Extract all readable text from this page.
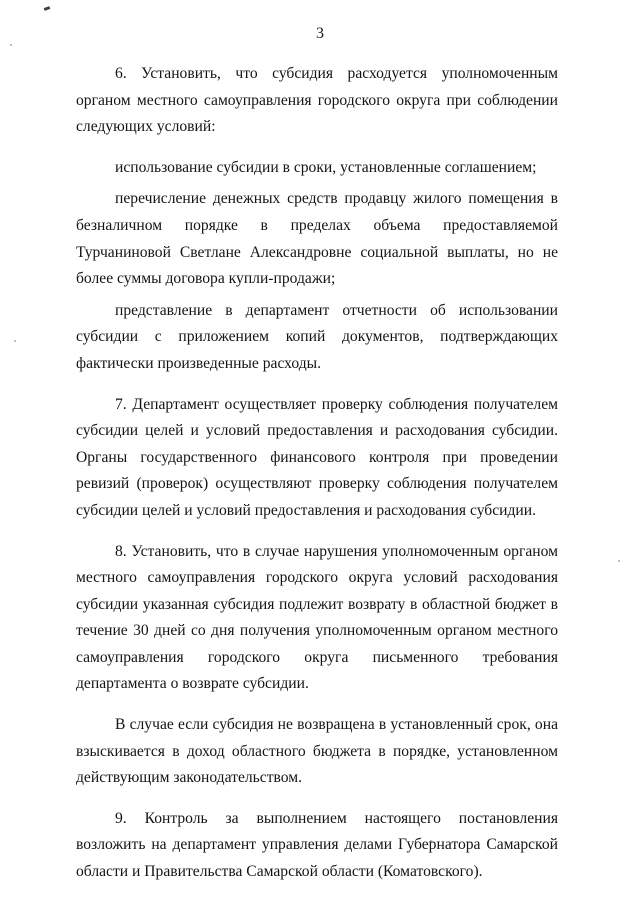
3

6. Установить, что субсидия расходуется уполномоченным органом местного самоуправления городского округа при соблюдении следующих условий:

использование субсидии в сроки, установленные соглашением;

перечисление денежных средств продавцу жилого помещения в безналичном порядке в пределах объема предоставляемой Турчаниновой Светлане Александровне социальной выплаты, но не более суммы договора купли-продажи;

представление в департамент отчетности об использовании субсидии с приложением копий документов, подтверждающих фактически произведенные расходы.

7. Департамент осуществляет проверку соблюдения получателем субсидии целей и условий предоставления и расходования субсидии. Органы государственного финансового контроля при проведении ревизий (проверок) осуществляют проверку соблюдения получателем субсидии целей и условий предоставления и расходования субсидии.

8. Установить, что в случае нарушения уполномоченным органом местного самоуправления городского округа условий расходования субсидии указанная субсидия подлежит возврату в областной бюджет в течение 30 дней со дня получения уполномоченным органом местного самоуправления городского округа письменного требования департамента о возврате субсидии.

В случае если субсидия не возвращена в установленный срок, она взыскивается в доход областного бюджета в порядке, установленном действующим законодательством.

9. Контроль за выполнением настоящего постановления возложить на департамент управления делами Губернатора Самарской области и Правительства Самарской области (Коматовского).
